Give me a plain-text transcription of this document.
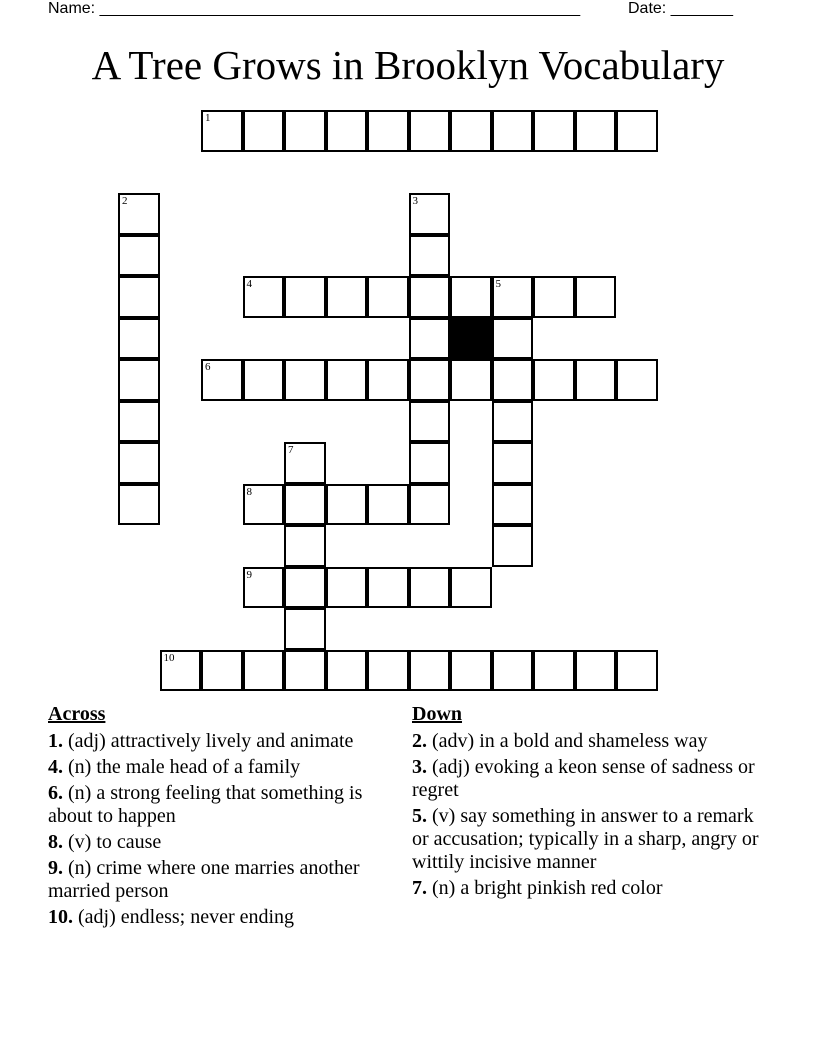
Name: ______________________________________________________	Date: _______
A Tree Grows in Brooklyn Vocabulary
1
4	5
6
8
9
10
2	3
7
Across
1. (adj) attractively lively and animate
4. (n) the male head of a family
6. (n) a strong feeling that something is about to happen
8. (v) to cause
9. (n) crime where one marries another married person
10. (adj) endless; never ending
Down
2. (adv) in a bold and shameless way
3. (adj) evoking a keon sense of sadness or regret
5. (v) say something in answer to a remark or accusation; typically in a sharp, angry or wittily incisive manner
7. (n) a bright pinkish red color
